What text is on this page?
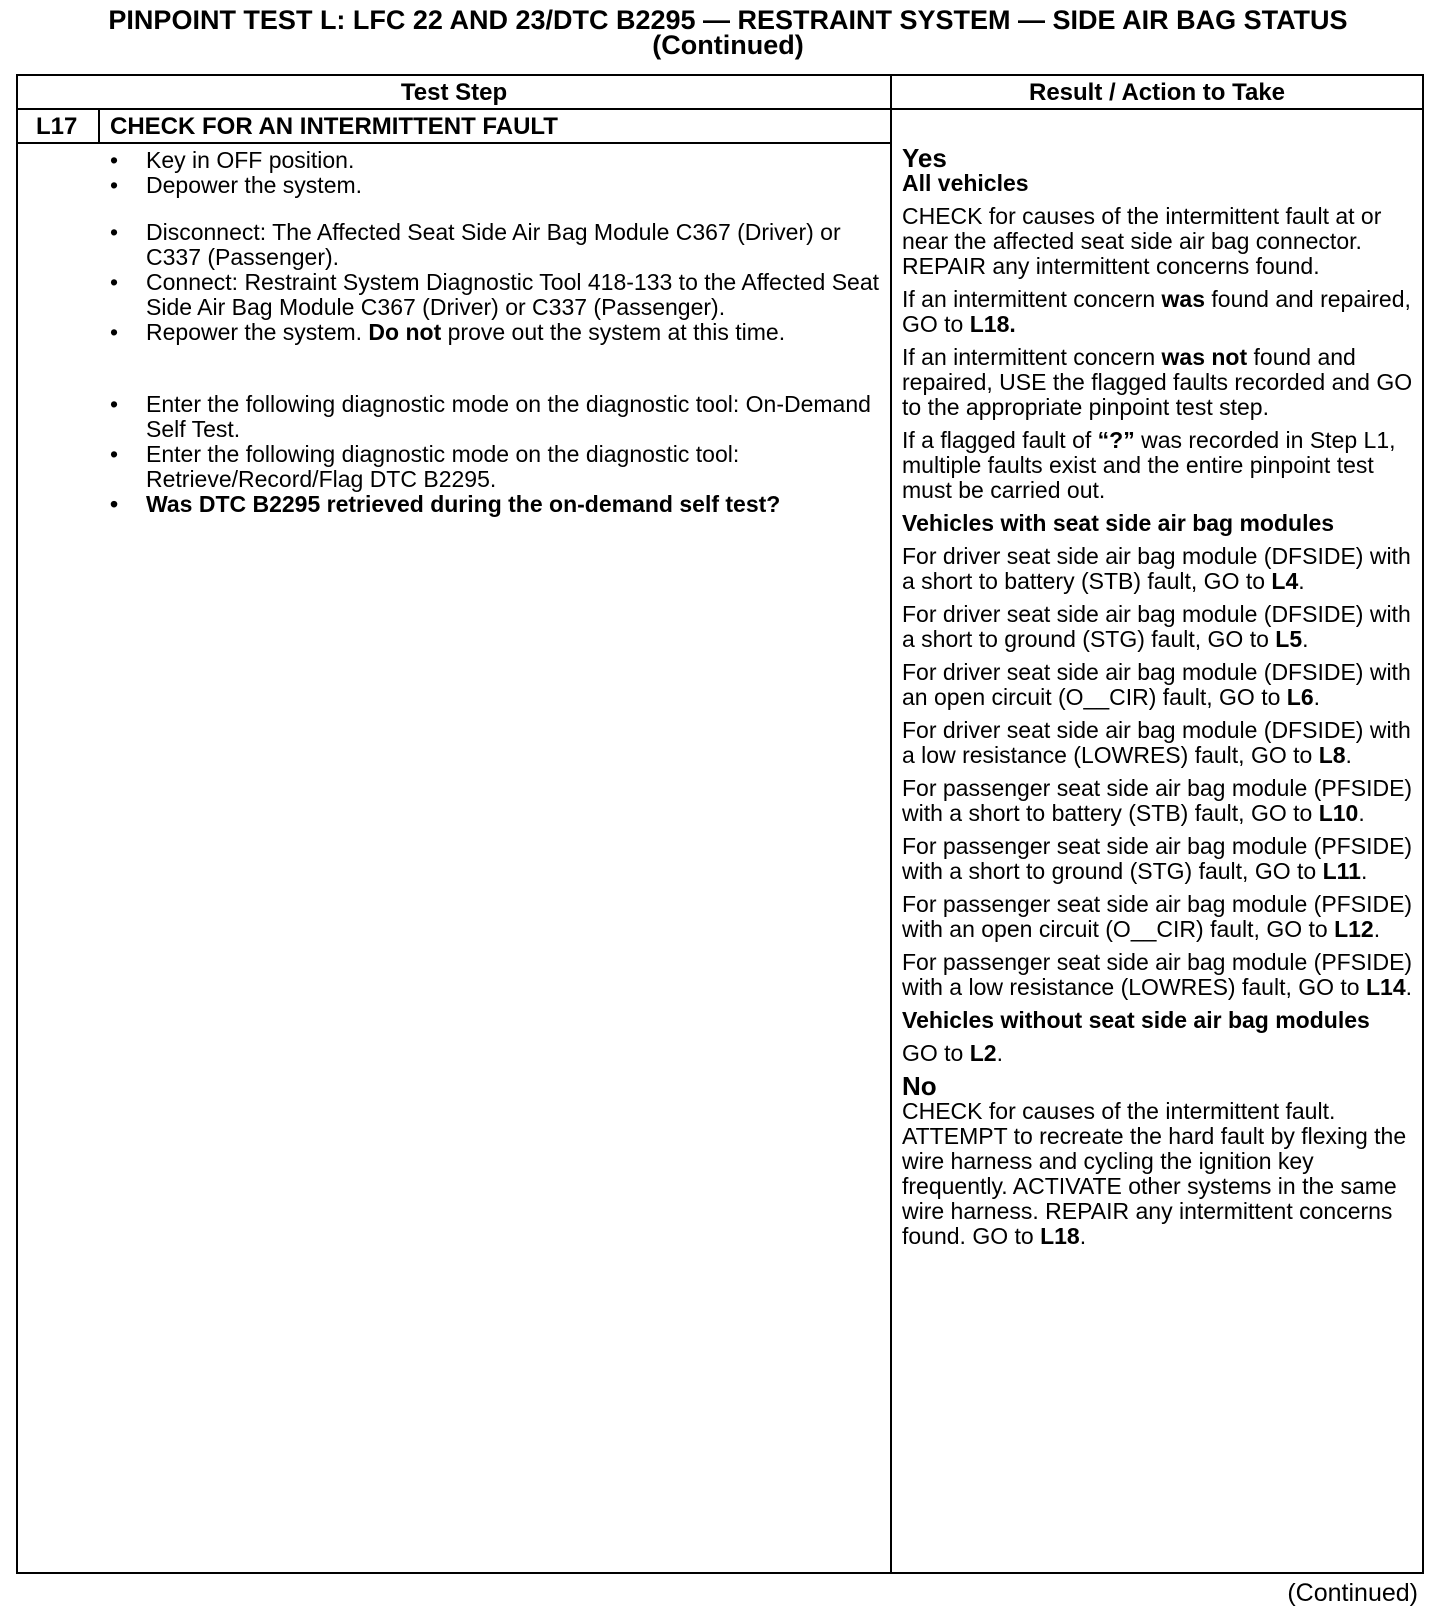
PINPOINT TEST L: LFC 22 AND 23/DTC B2295 — RESTRAINT SYSTEM — SIDE AIR BAG STATUS
(Continued)
Test Step	Result / Action to Take
L17 CHECK FOR AN INTERMITTENT FAULT
• Key in OFF position.
• Depower the system.
• Disconnect: The Affected Seat Side Air Bag Module C367 (Driver) or C337 (Passenger).
• Connect: Restraint System Diagnostic Tool 418-133 to the Affected Seat Side Air Bag Module C367 (Driver) or C337 (Passenger).
• Repower the system. Do not prove out the system at this time.
• Enter the following diagnostic mode on the diagnostic tool: On-Demand Self Test.
• Enter the following diagnostic mode on the diagnostic tool: Retrieve/Record/Flag DTC B2295.
• Was DTC B2295 retrieved during the on-demand self test?
Yes

All vehicles

CHECK for causes of the intermittent fault at or near the affected seat side air bag connector. REPAIR any intermittent concerns found.

If an intermittent concern was found and repaired, GO to L18.

If an intermittent concern was not found and repaired, USE the flagged faults recorded and GO to the appropriate pinpoint test step.

If a flagged fault of “?” was recorded in Step L1, multiple faults exist and the entire pinpoint test must be carried out.

Vehicles with seat side air bag modules

For driver seat side air bag module (DFSIDE) with a short to battery (STB) fault, GO to L4.

For driver seat side air bag module (DFSIDE) with a short to ground (STG) fault, GO to L5.

For driver seat side air bag module (DFSIDE) with an open circuit (O__CIR) fault, GO to L6.

For driver seat side air bag module (DFSIDE) with a low resistance (LOWRES) fault, GO to L8.

For passenger seat side air bag module (PFSIDE) with a short to battery (STB) fault, GO to L10.

For passenger seat side air bag module (PFSIDE) with a short to ground (STG) fault, GO to L11.

For passenger seat side air bag module (PFSIDE) with an open circuit (O__CIR) fault, GO to L12.

For passenger seat side air bag module (PFSIDE) with a low resistance (LOWRES) fault, GO to L14.

Vehicles without seat side air bag modules

GO to L2.

No

CHECK for causes of the intermittent fault. ATTEMPT to recreate the hard fault by flexing the wire harness and cycling the ignition key frequently. ACTIVATE other systems in the same wire harness. REPAIR any intermittent concerns found. GO to L18.

(Continued)
